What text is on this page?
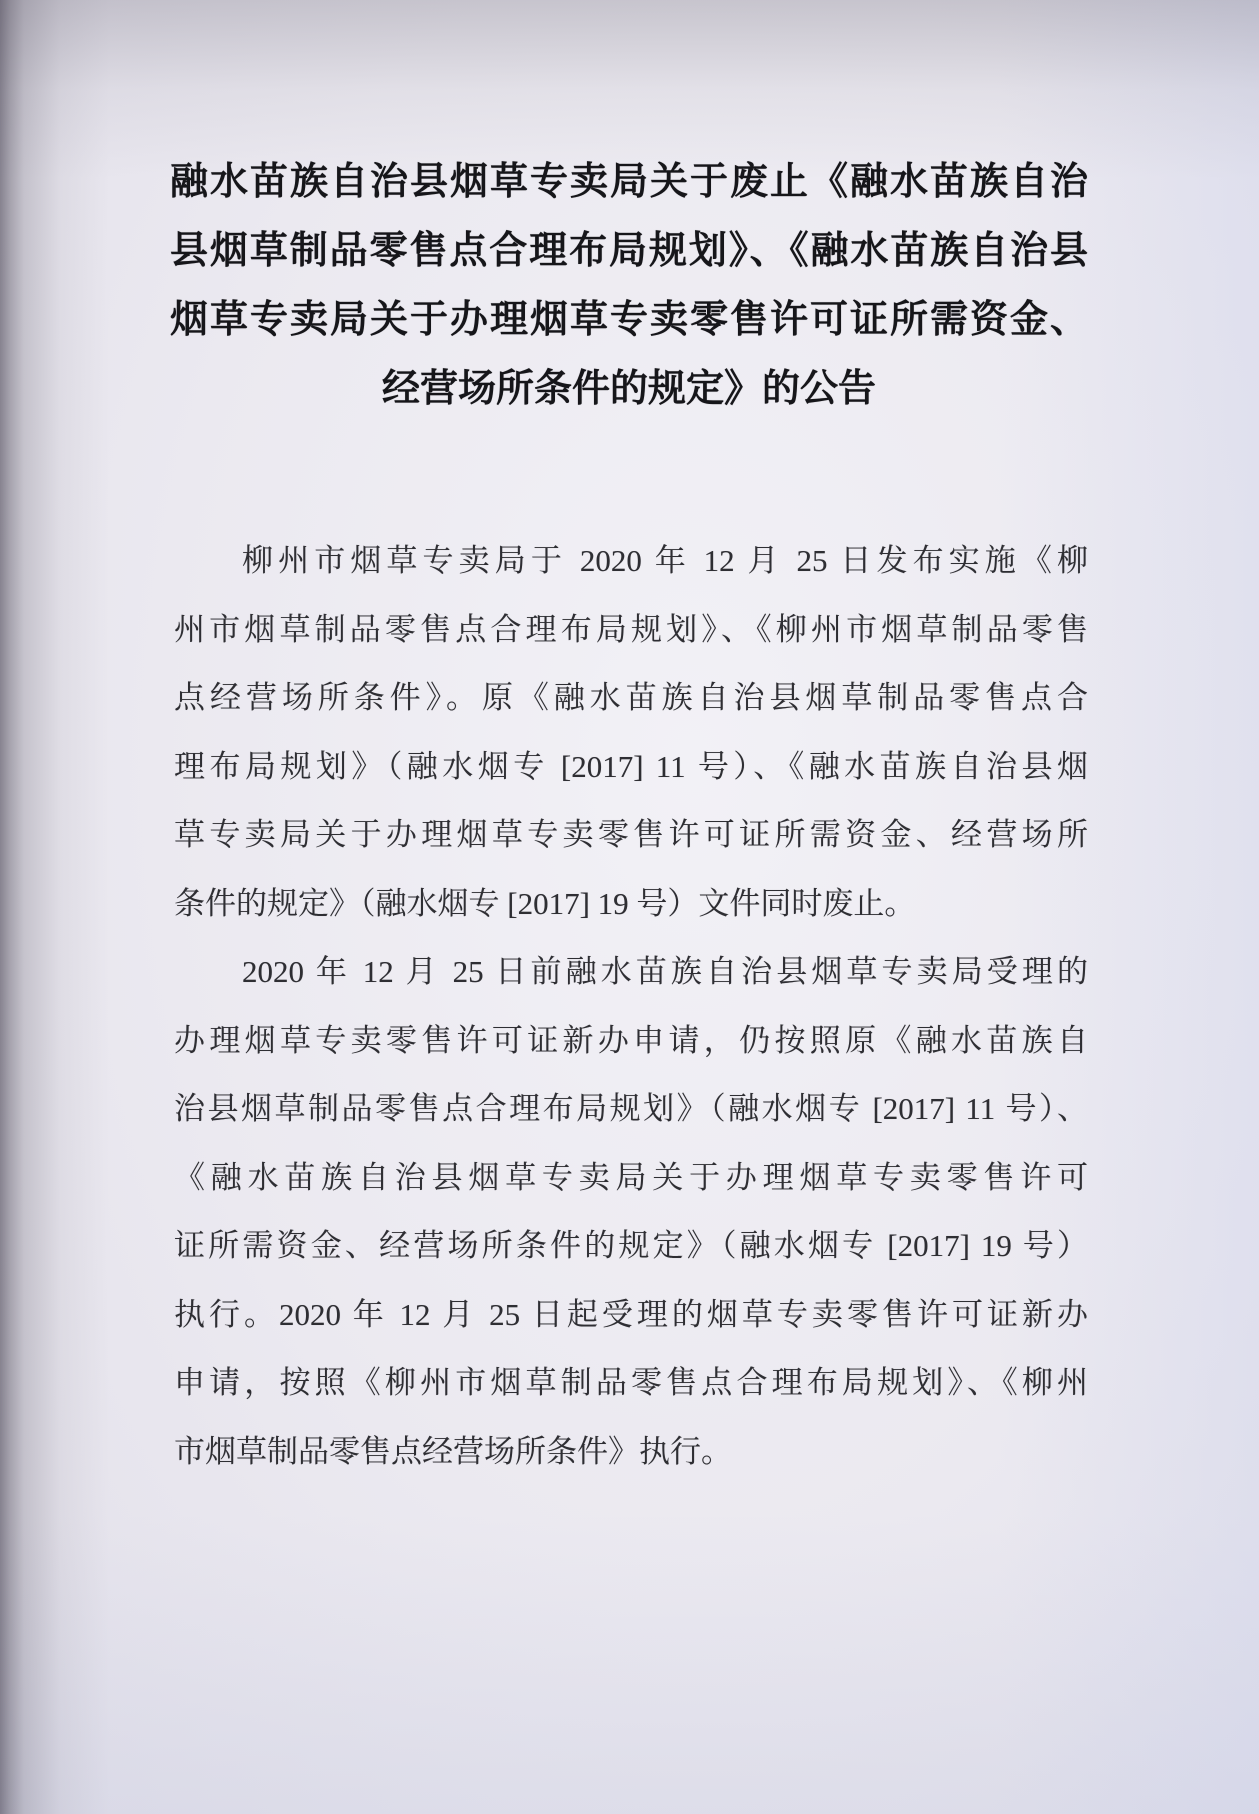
融水苗族自治县烟草专卖局关于废止《融水苗族自治
县烟草制品零售点合理布局规划》、《融水苗族自治县
烟草专卖局关于办理烟草专卖零售许可证所需资金、
经营场所条件的规定》的公告
柳州市烟草专卖局于 2020 年 12 月 25 日发布实施《柳
州市烟草制品零售点合理布局规划》、《柳州市烟草制品零售
点经营场所条件》。原《融水苗族自治县烟草制品零售点合
理布局规划》（融水烟专 [2017] 11 号）、《融水苗族自治县烟
草专卖局关于办理烟草专卖零售许可证所需资金、经营场所
条件的规定》（融水烟专 [2017] 19 号）文件同时废止。
2020 年 12 月 25 日前融水苗族自治县烟草专卖局受理的
办理烟草专卖零售许可证新办申请，仍按照原《融水苗族自
治县烟草制品零售点合理布局规划》（融水烟专 [2017] 11 号）、
《融水苗族自治县烟草专卖局关于办理烟草专卖零售许可
证所需资金、经营场所条件的规定》（融水烟专 [2017] 19 号）
执行。2020 年 12 月 25 日起受理的烟草专卖零售许可证新办
申请，按照《柳州市烟草制品零售点合理布局规划》、《柳州
市烟草制品零售点经营场所条件》执行。
